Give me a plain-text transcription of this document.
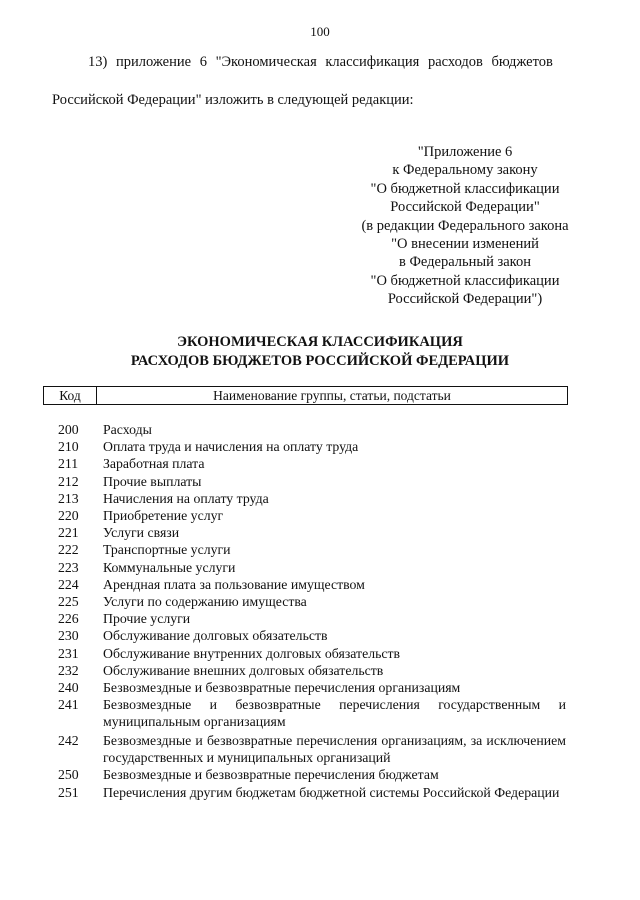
100
13) приложение 6 "Экономическая классификация расходов бюджетов
Российской Федерации" изложить в следующей редакции:
"Приложение 6
к Федеральному закону
"О бюджетной классификации
Российской Федерации"
(в редакции Федерального закона
"О внесении изменений
в Федеральный закон
"О бюджетной классификации
Российской Федерации")
ЭКОНОМИЧЕСКАЯ КЛАССИФИКАЦИЯ
РАСХОДОВ БЮДЖЕТОВ РОССИЙСКОЙ ФЕДЕРАЦИИ
Код	Наименование группы, статьи, подстатьи
200	Расходы
210	Оплата труда и начисления на оплату труда
211	Заработная плата
212	Прочие выплаты
213	Начисления на оплату труда
220	Приобретение услуг
221	Услуги связи
222	Транспортные услуги
223	Коммунальные услуги
224	Арендная плата за пользование имуществом
225	Услуги по содержанию имущества
226	Прочие услуги
230	Обслуживание долговых обязательств
231	Обслуживание внутренних долговых обязательств
232	Обслуживание внешних долговых обязательств
240	Безвозмездные и безвозвратные перечисления организациям
241	Безвозмездные и безвозвратные перечисления государственным и муниципальным организациям
242	Безвозмездные и безвозвратные перечисления организациям, за исключением государственных и муниципальных организаций
250	Безвозмездные и безвозвратные перечисления бюджетам
251	Перечисления другим бюджетам бюджетной системы Российской Федерации
